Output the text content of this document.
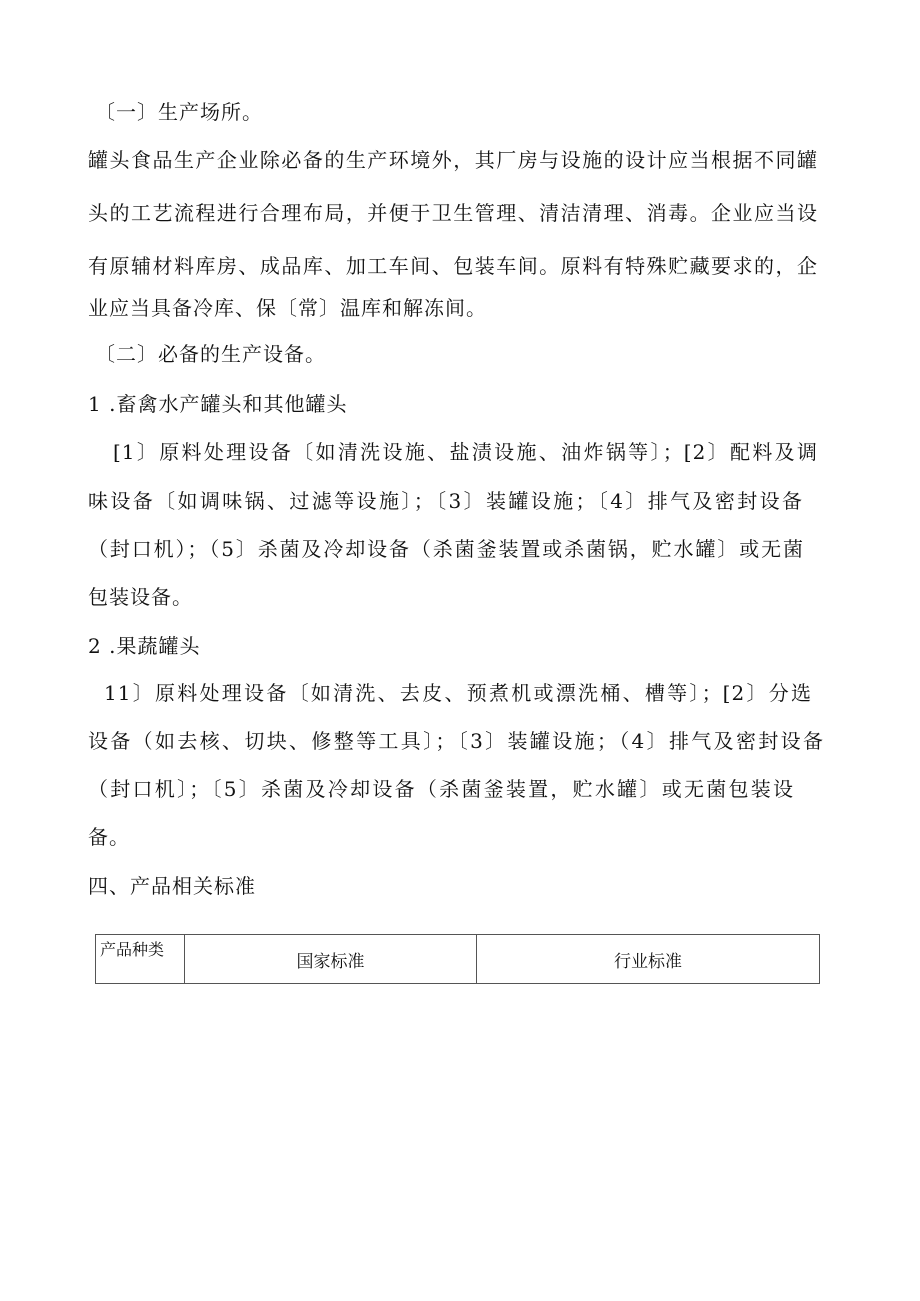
〔一〕生产场所。
罐头食品生产企业除必备的生产环境外，其厂房与设施的设计应当根据不同罐
头的工艺流程进行合理布局，并便于卫生管理、清洁清理、消毒。企业应当设
有原辅材料库房、成品库、加工车间、包装车间。原料有特殊贮藏要求的，企
业应当具备冷库、保〔常〕温库和解冻间。
〔二〕必备的生产设备。
1 .畜禽水产罐头和其他罐头
[1〕原料处理设备〔如清洗设施、盐渍设施、油炸锅等〕；[2〕配料及调
味设备〔如调味锅、过滤等设施〕；〔3〕装罐设施；〔4〕排气及密封设备
（封口机）；（5〕杀菌及冷却设备（杀菌釜装置或杀菌锅，贮水罐〕或无菌
包装设备。
2 .果蔬罐头
11〕原料处理设备〔如清洗、去皮、预煮机或漂洗桶、槽等〕；[2〕分选
设备（如去核、切块、修整等工具〕；〔3〕装罐设施；（4〕排气及密封设备
（封口机〕；〔5〕杀菌及冷却设备（杀菌釜装置，贮水罐〕或无菌包装设
备。
四、产品相关标准
产品种类	国家标准	行业标准
